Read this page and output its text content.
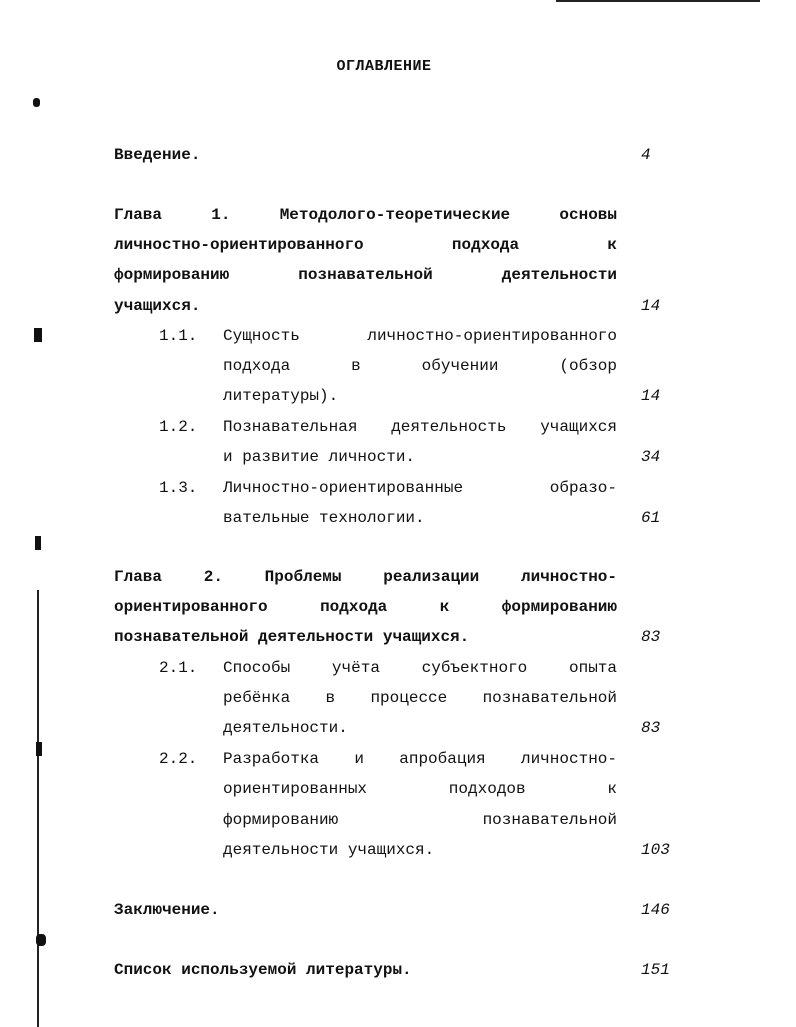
ОГЛАВЛЕНИЕ
Введение.	4
Глава 1. Методолого-теоретические основы
личностно-ориентированного подхода к
формированию познавательной деятельности
учащихся.	14
1.1. Сущность личностно-ориентированного
подхода в обучении (обзор
литературы).	14
1.2. Познавательная деятельность учащихся
и развитие личности.	34
1.3. Личностно-ориентированные образо-
вательные технологии.	61
Глава 2. Проблемы реализации личностно-
ориентированного подхода к формированию
познавательной деятельности учащихся.	83
2.1. Способы учёта субъектного опыта
ребёнка в процессе познавательной
деятельности.	83
2.2. Разработка и апробация личностно-
ориентированных подходов к
формированию познавательной
деятельности учащихся.	103
Заключение.	146
Список используемой литературы.	151
